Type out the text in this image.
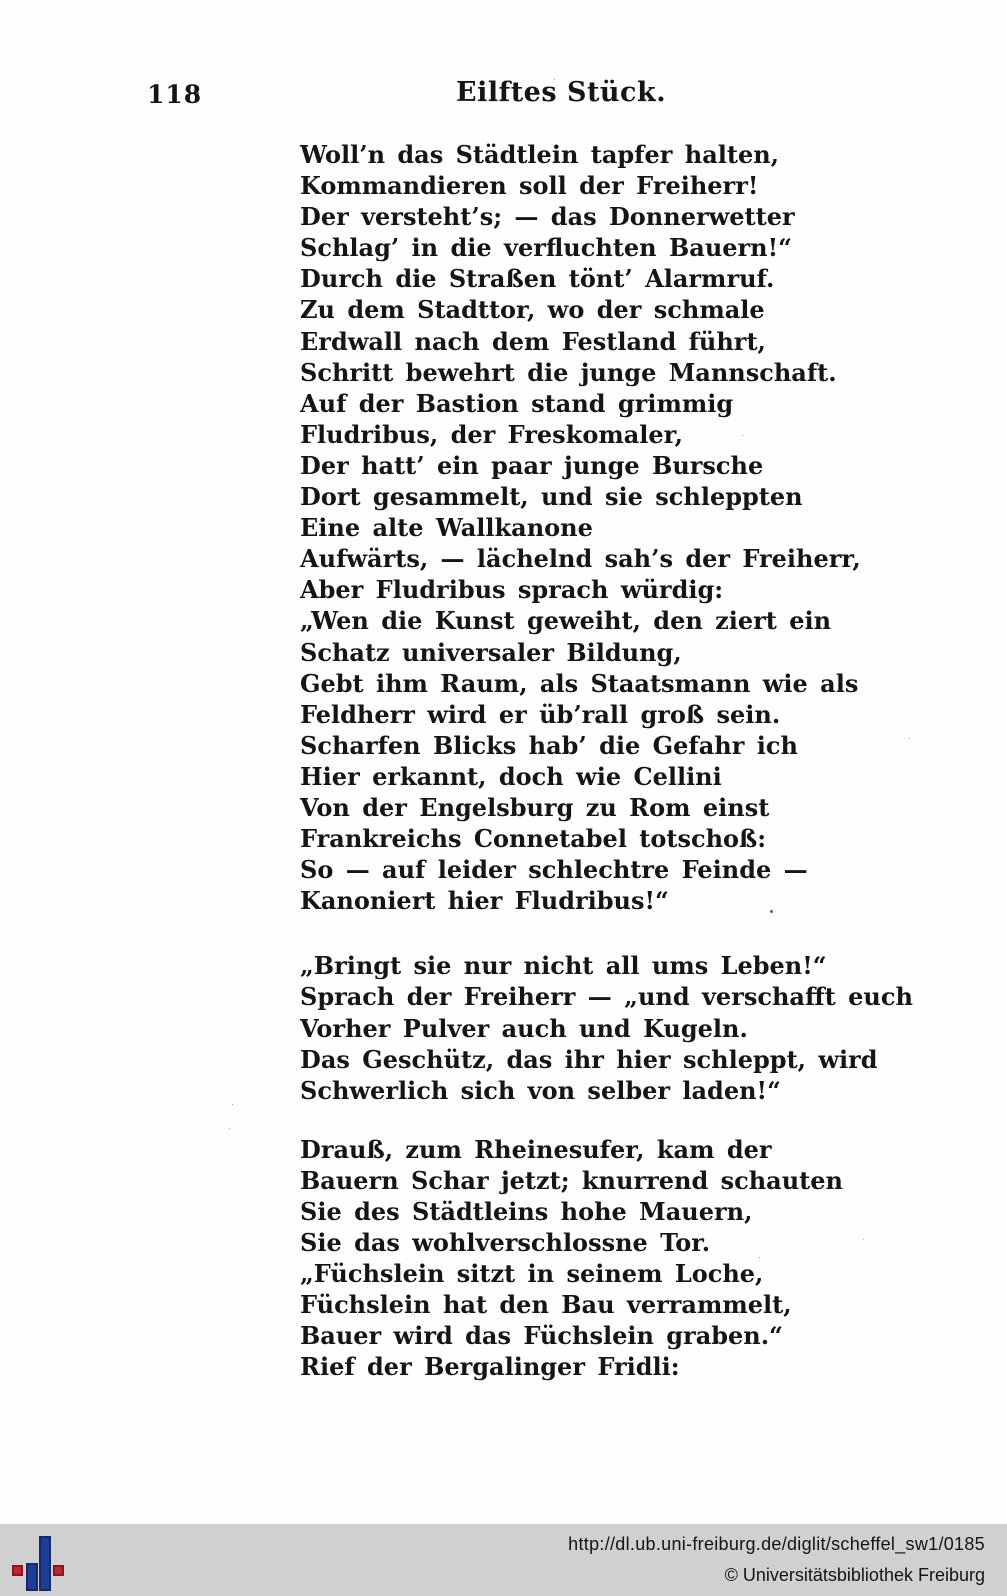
118	Eilftes Stück.
Woll’n das Städtlein tapfer halten,
Kommandieren soll der Freiherr!
Der versteht’s; — das Donnerwetter
Schlag’ in die verfluchten Bauern!“
Durch die Straßen tönt’ Alarmruf.
Zu dem Stadttor, wo der schmale
Erdwall nach dem Festland führt,
Schritt bewehrt die junge Mannschaft.
Auf der Bastion stand grimmig
Fludribus, der Freskomaler,
Der hatt’ ein paar junge Bursche
Dort gesammelt, und sie schleppten
Eine alte Wallkanone
Aufwärts, — lächelnd sah’s der Freiherr,
Aber Fludribus sprach würdig:
„Wen die Kunst geweiht, den ziert ein
Schatz universaler Bildung,
Gebt ihm Raum, als Staatsmann wie als
Feldherr wird er üb’rall groß sein.
Scharfen Blicks hab’ die Gefahr ich
Hier erkannt, doch wie Cellini
Von der Engelsburg zu Rom einst
Frankreichs Connetabel totschoß:
So — auf leider schlechtre Feinde —
Kanoniert hier Fludribus!“
„Bringt sie nur nicht all ums Leben!“
Sprach der Freiherr — „und verschafft euch
Vorher Pulver auch und Kugeln.
Das Geschütz, das ihr hier schleppt, wird
Schwerlich sich von selber laden!“
Drauß, zum Rheinesufer, kam der
Bauern Schar jetzt; knurrend schauten
Sie des Städtleins hohe Mauern,
Sie das wohlverschlossne Tor.
„Füchslein sitzt in seinem Loche,
Füchslein hat den Bau verrammelt,
Bauer wird das Füchslein graben.“
Rief der Bergalinger Fridli:
http://dl.ub.uni-freiburg.de/diglit/scheffel_sw1/0185
© Universitätsbibliothek Freiburg
